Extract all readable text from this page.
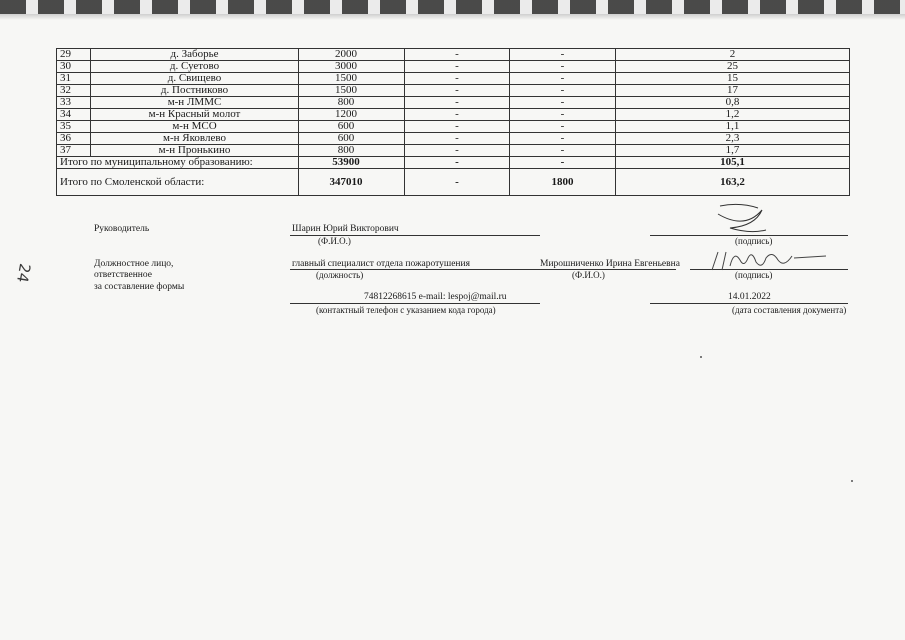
29	д. Заборье	2000	-	-	2
30	д. Суетово	3000	-	-	25
31	д. Свищево	1500	-	-	15
32	д. Постниково	1500	-	-	17
33	м-н ЛММС	800	-	-	0,8
34	м-н Красный молот	1200	-	-	1,2
35	м-н МСО	600	-	-	1,1
36	м-н Яковлево	600	-	-	2,3
37	м-н Пронькино	800	-	-	1,7
Итого по муниципальному образованию:		53900	-	-	105,1
Итого по Смоленской области:		347010	-	1800	163,2
Руководитель	Шарин Юрий Викторович
(Ф.И.О.)	(подпись)
Должностное лицо,
ответственное
за составление формы
главный специалист отдела пожаротушения	Мирошниченко Ирина Евгеньевна
(должность)	(Ф.И.О.)	(подпись)
74812268615 e-mail: lespoj@mail.ru	14.01.2022
(контактный телефон с указанием кода города)	(дата составления документа)
24
